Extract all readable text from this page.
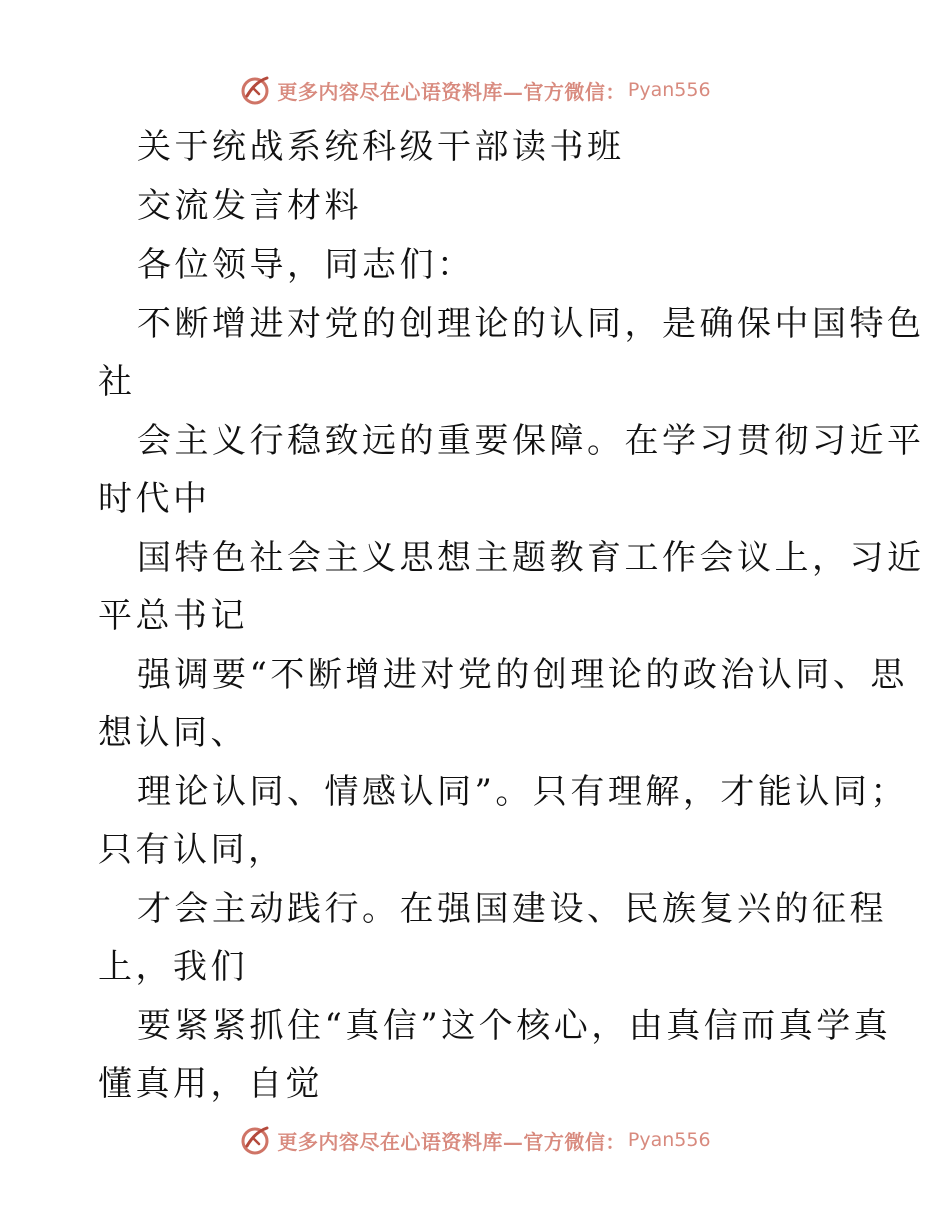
更多内容尽在心语资料库—官方微信： Pyan556
关于统战系统科级干部读书班
交流发言材料
各位领导，同志们：
不断增进对党的创理论的认同，是确保中国特色
社
会主义行稳致远的重要保障。在学习贯彻习近平
时代中
国特色社会主义思想主题教育工作会议上，习近
平总书记
强调要“不断增进对党的创理论的政治认同、思
想认同、
理论认同、情感认同”。只有理解，才能认同；
只有认同，
才会主动践行。在强国建设、民族复兴的征程
上，我们
要紧紧抓住“真信”这个核心，由真信而真学真
懂真用，自觉
更多内容尽在心语资料库—官方微信： Pyan556
